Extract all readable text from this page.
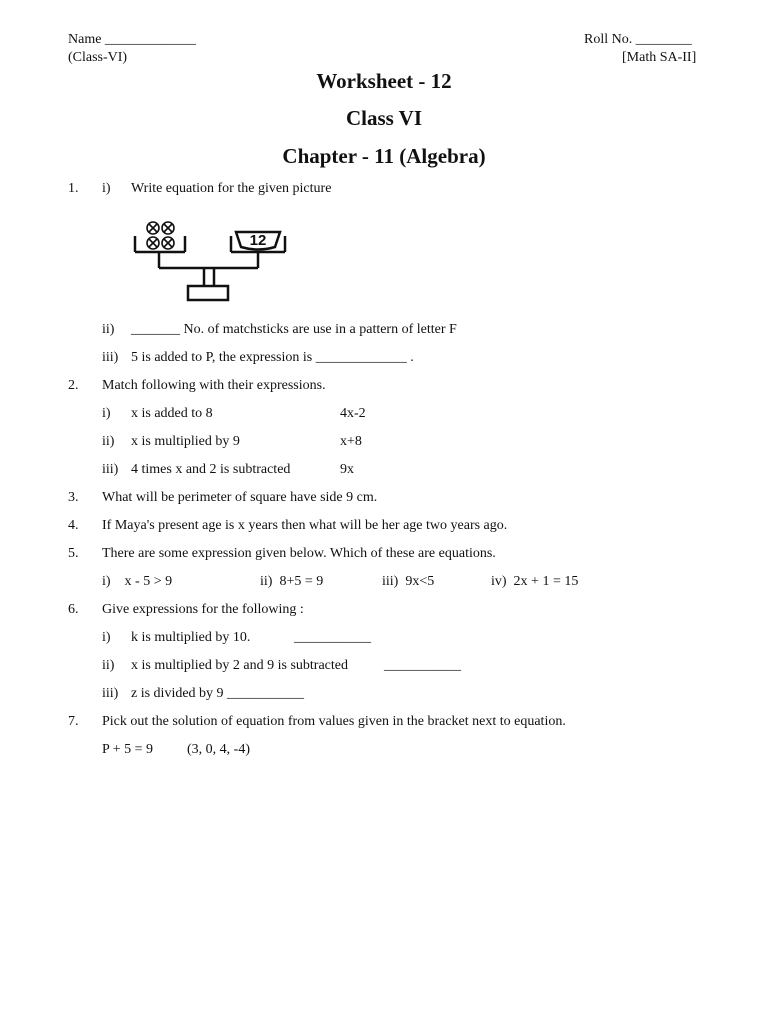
Name _____________	Roll No. ________
(Class-VI)	[Math SA-II]
Worksheet - 12
Class VI
Chapter - 11 (Algebra)
1. i) Write equation for the given picture
12
ii) _______ No. of matchsticks are use in a pattern of letter F
iii) 5 is added to P, the expression is _____________ .
2. Match following with their expressions.
i) x is added to 8	4x-2
ii) x is multiplied by 9	x+8
iii) 4 times x and 2 is subtracted	9x
3. What will be perimeter of square have side 9 cm.
4. If Maya's present age is x years then what will be her age two years ago.
5. There are some expression given below. Which of these are equations.
i)    x - 5 > 9	ii)  8+5 = 9	iii)  9x<5	iv)  2x + 1 = 15
6. Give expressions for the following :
i) k is multiplied by 10.	___________
ii) x is multiplied by 2 and 9 is subtracted	___________
iii) z is divided by 9 ___________
7. Pick out the solution of equation from values given in the bracket next to equation.
P + 5 = 9 (3, 0, 4, -4)
